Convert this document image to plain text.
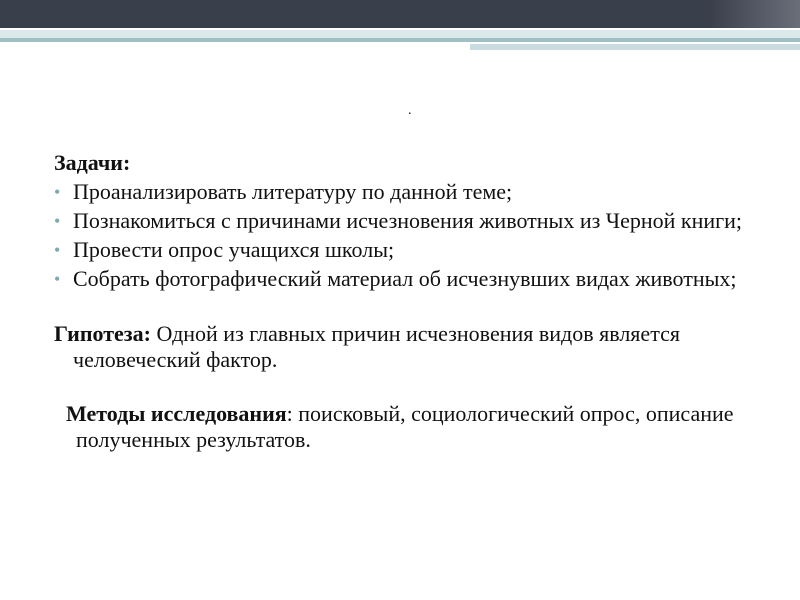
.
Задачи:
• Проанализировать литературу по данной теме;
• Познакомиться с причинами исчезновения животных из Черной книги;
• Провести опрос учащихся школы;
• Собрать фотографический материал об исчезнувших видах животных;
Гипотеза: Одной из главных причин исчезновения видов является человеческий фактор.
Методы исследования: поисковый, социологический опрос, описание полученных результатов.
